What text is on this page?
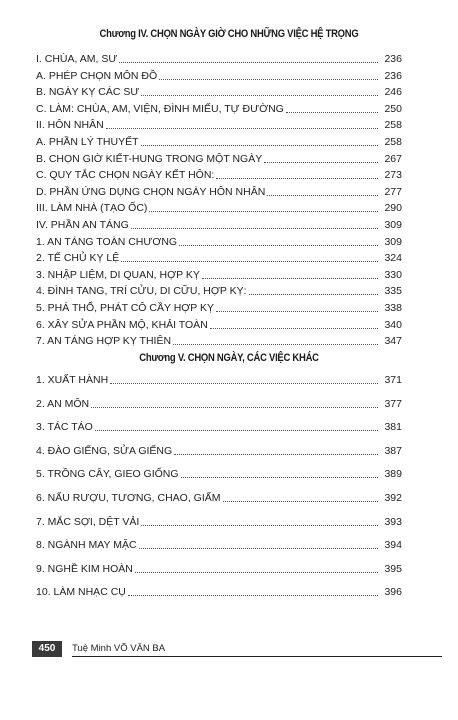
Chương IV. CHỌN NGÀY GIỜ CHO NHỮNG VIỆC HỆ TRỌNG
I. CHÙA, AM, SƯ	236
A. PHÉP CHỌN MÔN ĐỒ	236
B. NGÀY KỴ CÁC SƯ	246
C. LÀM: CHÙA, AM, VIỆN, ĐÌNH MIẾU, TỰ ĐƯỜNG	250
II. HÔN NHÂN	258
A. PHẦN LÝ THUYẾT	258
B. CHỌN GIỜ KIẾT-HUNG TRONG MỘT NGÀY	267
C. QUY TẮC CHỌN NGÀY KẾT HÔN:	273
D. PHẦN ỨNG DỤNG CHỌN NGÀY HÔN NHÂN	277
III. LÀM NHÀ (TẠO ỐC)	290
IV. PHẦN AN TÁNG	309
1. AN TÁNG TOÀN CHƯƠNG	309
2. TẾ CHỦ KỴ LỆ	324
3. NHẬP LIỆM, DI QUAN, HỢP KỴ	330
4. ĐÌNH TANG, TRÍ CỬU, DI CỮU, HỢP KỴ:	335
5. PHÁ THỔ, PHÁT CÔ CẦY HỢP KỴ	338
6. XÂY SỬA PHẦN MỘ, KHẢI TOÀN	340
7. AN TÁNG HỢP KỴ THIÊN	347
Chương V. CHỌN NGÀY, CÁC VIỆC KHÁC
1. XUẤT HÀNH	371
2. AN MÔN	377
3. TÁC TÁO	381
4. ĐÀO GIẾNG, SỬA GIẾNG	387
5. TRỒNG CÂY, GIEO GIỐNG	389
6. NẤU RƯỢU, TƯƠNG, CHAO, GIẤM	392
7. MẮC SỢI, DỆT VẢI	393
8. NGÀNH MAY MẶC	394
9. NGHỀ KIM HOÀN	395
10. LÀM NHẠC CỤ	396
450	Tuệ Minh VÕ VĂN BA
